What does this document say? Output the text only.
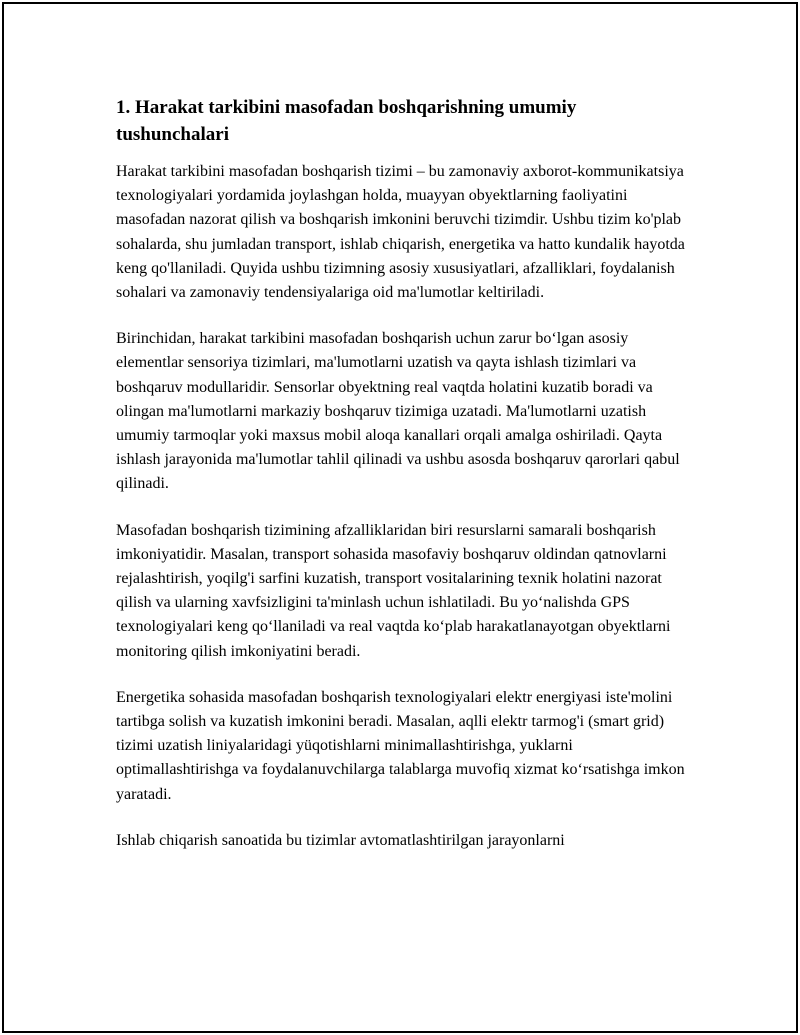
1. Harakat tarkibini masofadan boshqarishning umumiy tushunchalari

Harakat tarkibini masofadan boshqarish tizimi – bu zamonaviy axborot-kommunikatsiya texnologiyalari yordamida joylashgan holda, muayyan obyektlarning faoliyatini masofadan nazorat qilish va boshqarish imkonini beruvchi tizimdir. Ushbu tizim ko'plab sohalarda, shu jumladan transport, ishlab chiqarish, energetika va hatto kundalik hayotda keng qo'llaniladi. Quyida ushbu tizimning asosiy xususiyatlari, afzalliklari, foydalanish sohalari va zamonaviy tendensiyalariga oid ma'lumotlar keltiriladi.

Birinchidan, harakat tarkibini masofadan boshqarish uchun zarur bo‘lgan asosiy elementlar sensoriya tizimlari, ma'lumotlarni uzatish va qayta ishlash tizimlari va boshqaruv modullaridir. Sensorlar obyektning real vaqtda holatini kuzatib boradi va olingan ma'lumotlarni markaziy boshqaruv tizimiga uzatadi. Ma'lumotlarni uzatish umumiy tarmoqlar yoki maxsus mobil aloqa kanallari orqali amalga oshiriladi. Qayta ishlash jarayonida ma'lumotlar tahlil qilinadi va ushbu asosda boshqaruv qarorlari qabul qilinadi.

Masofadan boshqarish tizimining afzalliklaridan biri resurslarni samarali boshqarish imkoniyatidir. Masalan, transport sohasida masofaviy boshqaruv oldindan qatnovlarni rejalashtirish, yoqilg'i sarfini kuzatish, transport vositalarining texnik holatini nazorat qilish va ularning xavfsizligini ta'minlash uchun ishlatiladi. Bu yo‘nalishda GPS texnologiyalari keng qo‘llaniladi va real vaqtda ko‘plab harakatlanayotgan obyektlarni monitoring qilish imkoniyatini beradi.

Energetika sohasida masofadan boshqarish texnologiyalari elektr energiyasi iste'molini tartibga solish va kuzatish imkonini beradi. Masalan, aqlli elektr tarmog'i (smart grid) tizimi uzatish liniyalaridagi yüqotishlarni minimallashtirishga, yuklarni optimallashtirishga va foydalanuvchilarga talablarga muvofiq xizmat ko‘rsatishga imkon yaratadi.

Ishlab chiqarish sanoatida bu tizimlar avtomatlashtirilgan jarayonlarni
